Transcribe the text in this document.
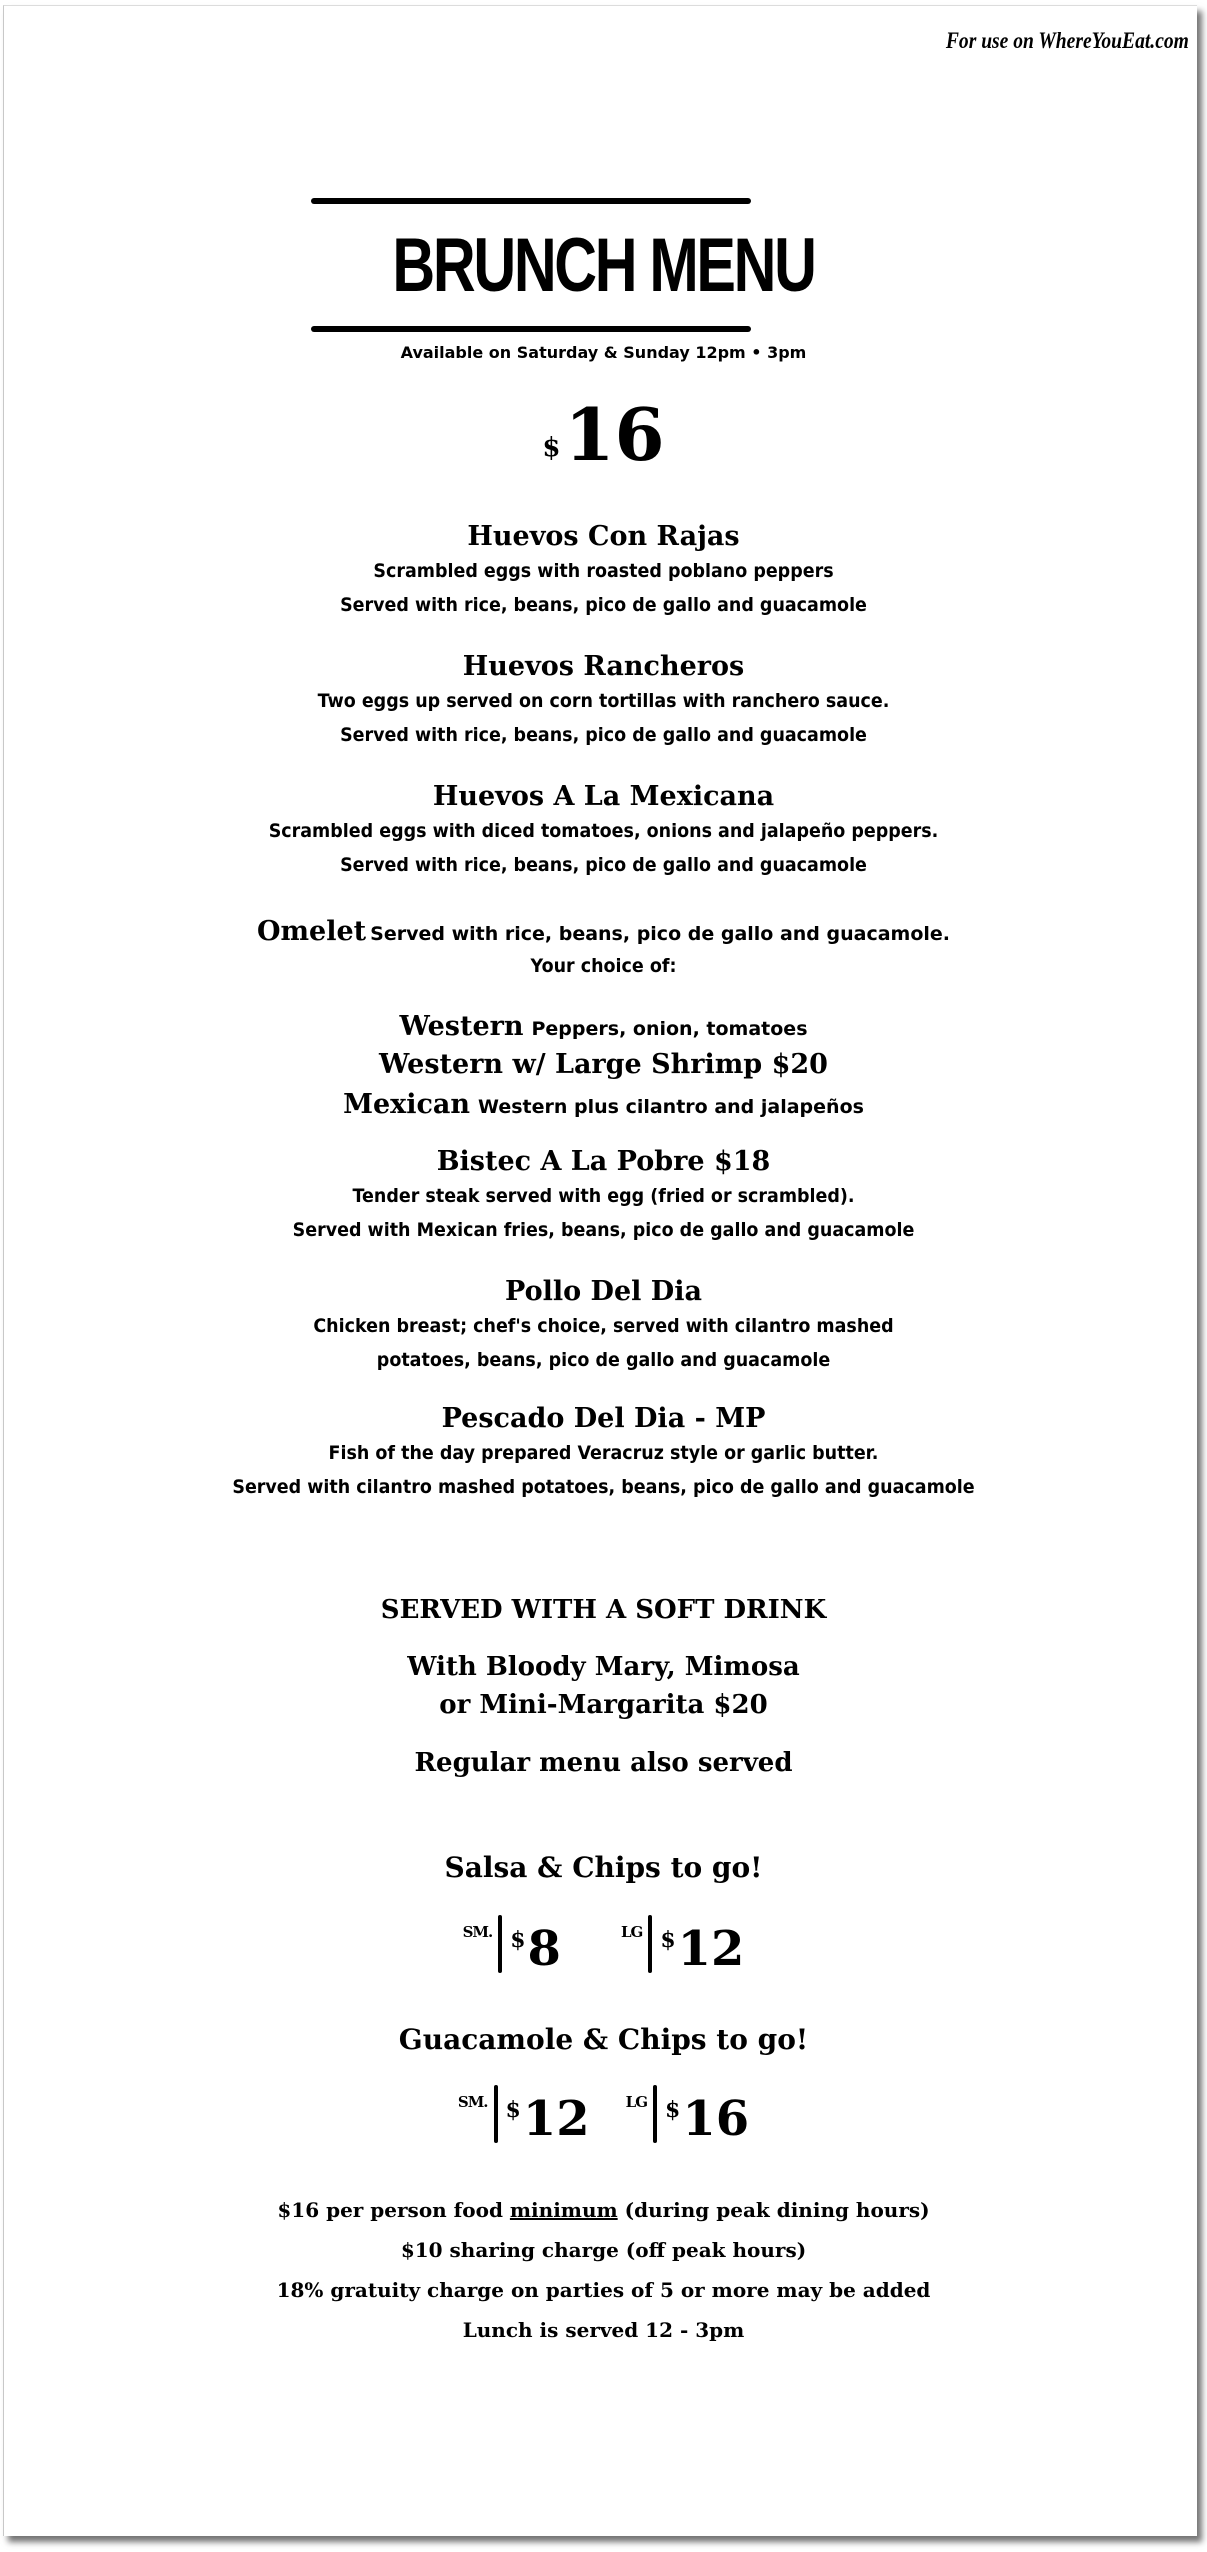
For use on WhereYouEat.com
BRUNCH MENU
Available on Saturday & Sunday 12pm • 3pm
$16
Huevos Con Rajas
Scrambled eggs with roasted poblano peppers
Served with rice, beans, pico de gallo and guacamole
Huevos Rancheros
Two eggs up served on corn tortillas with ranchero sauce.
Served with rice, beans, pico de gallo and guacamole
Huevos A La Mexicana
Scrambled eggs with diced tomatoes, onions and jalapeño peppers.
Served with rice, beans, pico de gallo and guacamole
Omelet Served with rice, beans, pico de gallo and guacamole.
Your choice of:
Western Peppers, onion, tomatoes
Western w/ Large Shrimp $20
Mexican Western plus cilantro and jalapeños
Bistec A La Pobre $18
Tender steak served with egg (fried or scrambled).
Served with Mexican fries, beans, pico de gallo and guacamole
Pollo Del Dia
Chicken breast; chef's choice, served with cilantro mashed
potatoes, beans, pico de gallo and guacamole
Pescado Del Dia - MP
Fish of the day prepared Veracruz style or garlic butter.
Served with cilantro mashed potatoes, beans, pico de gallo and guacamole
SERVED WITH A SOFT DRINK
With Bloody Mary, Mimosa
or Mini-Margarita $20
Regular menu also served
Salsa & Chips to go!
SM. $ 8	LG $ 12
Guacamole & Chips to go!
SM. $ 12 LG $ 16
$16 per person food minimum (during peak dining hours)
$10 sharing charge (off peak hours)
18% gratuity charge on parties of 5 or more may be added
Lunch is served 12 - 3pm
